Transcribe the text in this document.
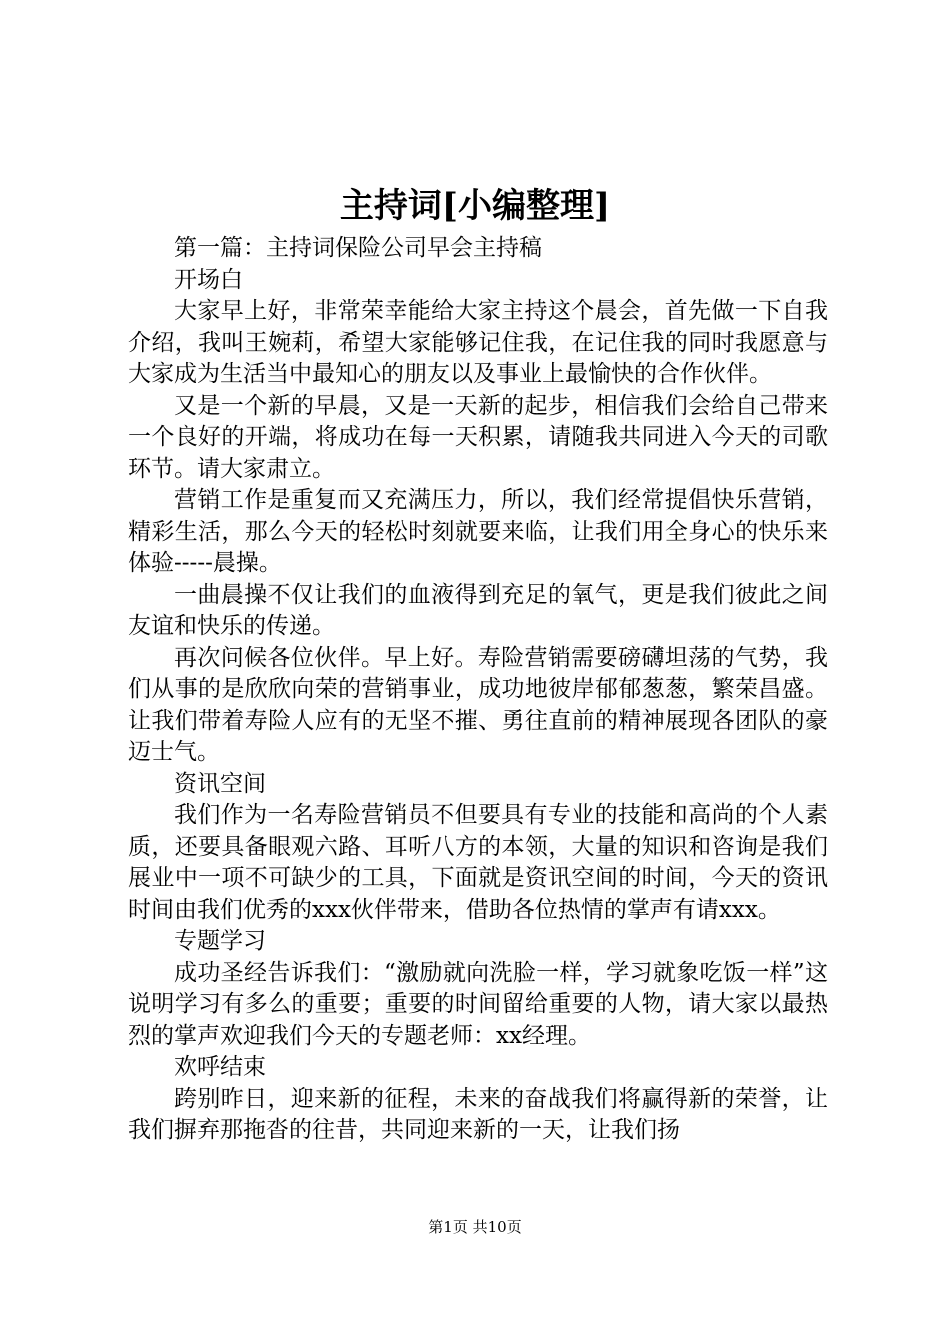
主持词[小编整理]

第一篇：主持词保险公司早会主持稿

开场白

大家早上好，非常荣幸能给大家主持这个晨会，首先做一下自我介绍，我叫王婉莉，希望大家能够记住我，在记住我的同时我愿意与大家成为生活当中最知心的朋友以及事业上最愉快的合作伙伴。

又是一个新的早晨，又是一天新的起步，相信我们会给自己带来一个良好的开端，将成功在每一天积累，请随我共同进入今天的司歌环节。请大家肃立。

营销工作是重复而又充满压力，所以，我们经常提倡快乐营销，精彩生活，那么今天的轻松时刻就要来临，让我们用全身心的快乐来体验-----晨操。

一曲晨操不仅让我们的血液得到充足的氧气，更是我们彼此之间友谊和快乐的传递。

再次问候各位伙伴。早上好。寿险营销需要磅礴坦荡的气势，我们从事的是欣欣向荣的营销事业，成功地彼岸郁郁葱葱，繁荣昌盛。让我们带着寿险人应有的无坚不摧、勇往直前的精神展现各团队的豪迈士气。

资讯空间

我们作为一名寿险营销员不但要具有专业的技能和高尚的个人素质，还要具备眼观六路、耳听八方的本领，大量的知识和咨询是我们展业中一项不可缺少的工具，下面就是资讯空间的时间，今天的资讯时间由我们优秀的xxx伙伴带来，借助各位热情的掌声有请xxx。

专题学习

成功圣经告诉我们：“激励就向洗脸一样，学习就象吃饭一样”这说明学习有多么的重要；重要的时间留给重要的人物，请大家以最热烈的掌声欢迎我们今天的专题老师：xx经理。

欢呼结束

跨别昨日，迎来新的征程，未来的奋战我们将赢得新的荣誉，让我们摒弃那拖沓的往昔，共同迎来新的一天，让我们扬

第1页 共10页
